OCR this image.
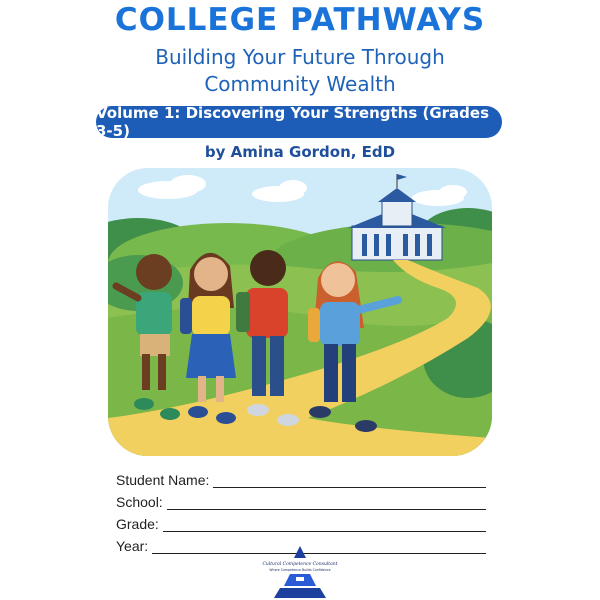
COLLEGE PATHWAYS
Building Your Future Through
Community Wealth
Volume 1: Discovering Your Strengths (Grades 3-5)
by Amina Gordon, EdD
Student Name:
School:
Grade:
Year:
Cultural Competence Consultant
Where Competence Builds Confidence
